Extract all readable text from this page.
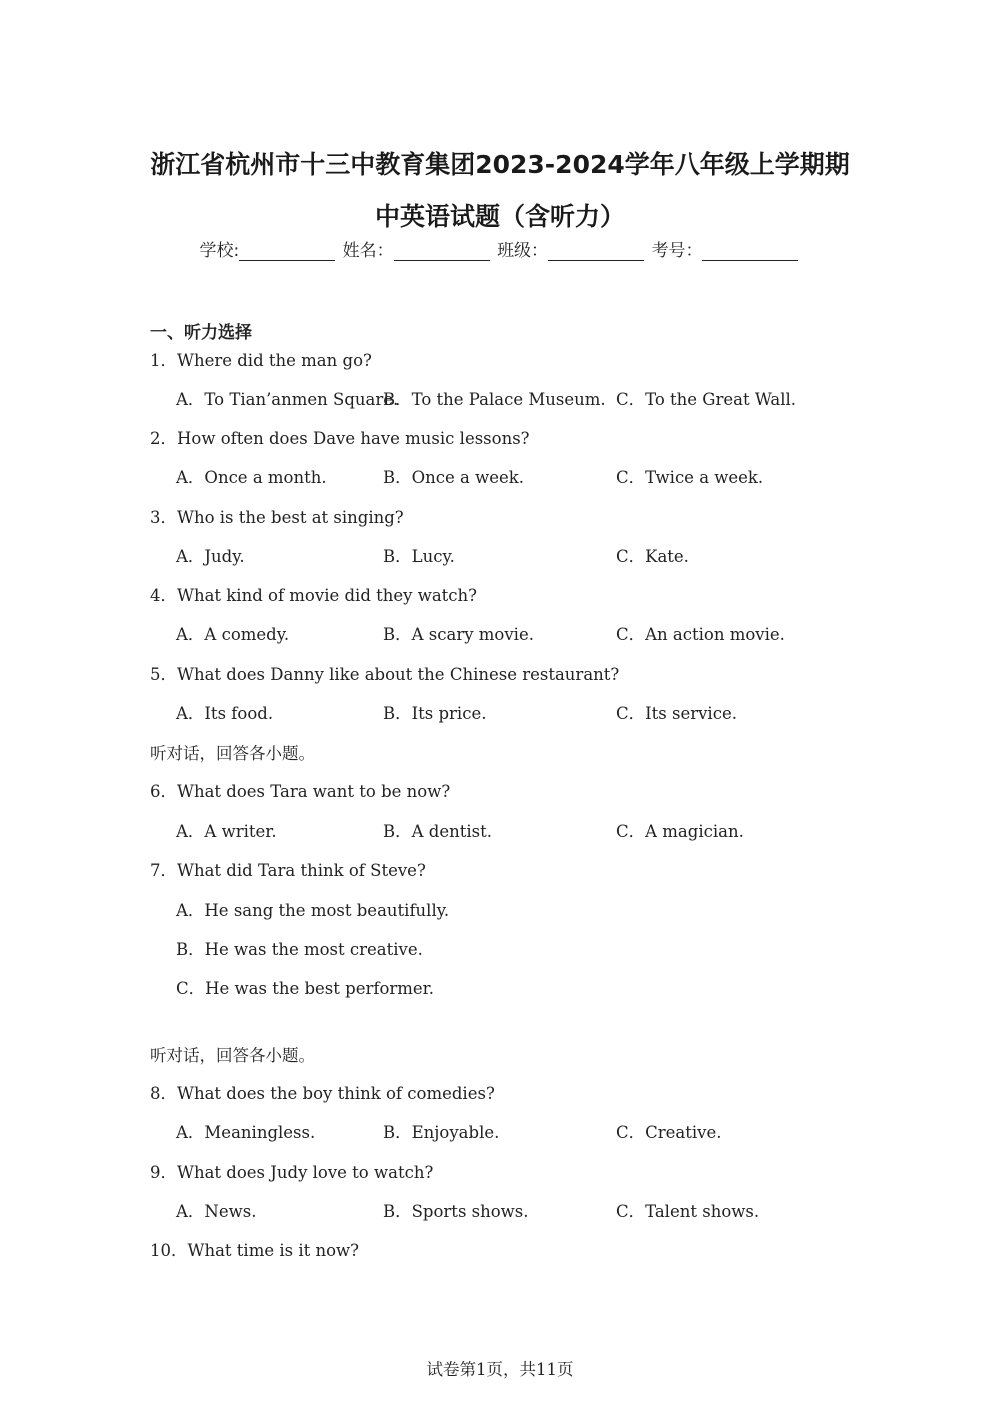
浙江省杭州市十三中教育集团2023-2024学年八年级上学期期
中英语试题（含听力）
学校:	姓名：	班级：	考号：
一、听力选择
1．Where did the man go?
A．To Tian’anmen Square.
B．To the Palace Museum. C．To the Great Wall.
2．How often does Dave have music lessons?
A．Once a month.	B．Once a week.	C．Twice a week.
3．Who is the best at singing?
A．Judy.	B．Lucy.	C．Kate.
4．What kind of movie did they watch?
A．A comedy.	B．A scary movie.	C．An action movie.
5．What does Danny like about the Chinese restaurant?
A．Its food.	B．Its price.	C．Its service.
听对话，回答各小题。
6．What does Tara want to be now?
A．A writer.	B．A dentist.	C．A magician.
7．What did Tara think of Steve?
A．He sang the most beautifully.
B．He was the most creative.
C．He was the best performer.
听对话，回答各小题。
8．What does the boy think of comedies?
A．Meaningless.	B．Enjoyable.	C．Creative.
9．What does Judy love to watch?
A．News.	B．Sports shows.	C．Talent shows.
10．What time is it now?
试卷第1页，共11页
